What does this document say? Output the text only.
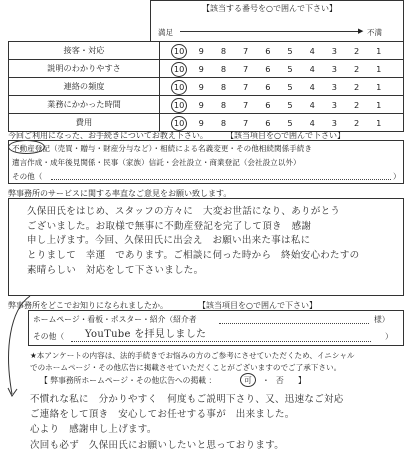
【該当する番号を○で囲んで下さい】
満足	▶ 不満
接客・対応	10 9 8 7 6 5 4 3 2 1
説明のわかりやすさ	10 9 8 7 6 5 4 3 2 1
連絡の頻度	10 9 8 7 6 5 4 3 2 1
業務にかかった時間	10 9 8 7 6 5 4 3 2 1
費用	10 9 8 7 6 5 4 3 2 1
今回ご利用になった、お手続きについてお教え下さい。 【該当項目を○で囲んで下さい】
不動産登記（売買・贈与・財産分与など）・相続による名義変更・その他相続関係手続き
遺言作成・成年後見関係・民事（家族）信託・会社設立・商業登記（会社設立以外）
その他（	）
弊事務所のサービスに関する率直なご意見をお願い致します。
久保田氏をはじめ、スタッフの方々に　大変お世話になり、ありがとう
ございました。お取様で無事に不動産登記を完了して頂き　感謝
申し上げます。今回、久保田氏に出会え　お願い出来た事は私に
とりまして　幸運　であります。ご相談に伺った時から　終始安心わたすの
素晴らしい　対応をして下さいました。
弊事務所をどこでお知りになられましたか。	【該当項目を○で囲んで下さい】
ホームページ・看板・ポスター・紹介（紹介者	様）
その他（ YouTube を拝見しました	）
★本アンケートの内容は、法的手続きでお悩みの方のご参考にさせていただくため、イニシャル
でのホームページ・その他広告に掲載させていただくことがございますのでご了承下さい。
【 弊事務所ホームページ・その他広告への掲載 ：	可 ・ 否 】
不慣れな私に　分かりやすく　何度もご説明下さり、又、迅速なご対応
ご連絡をして頂き　安心してお任せする事が　出来ました。
心より　感謝申し上げます。
次回も必ず　久保田氏にお願いしたいと思っております。
